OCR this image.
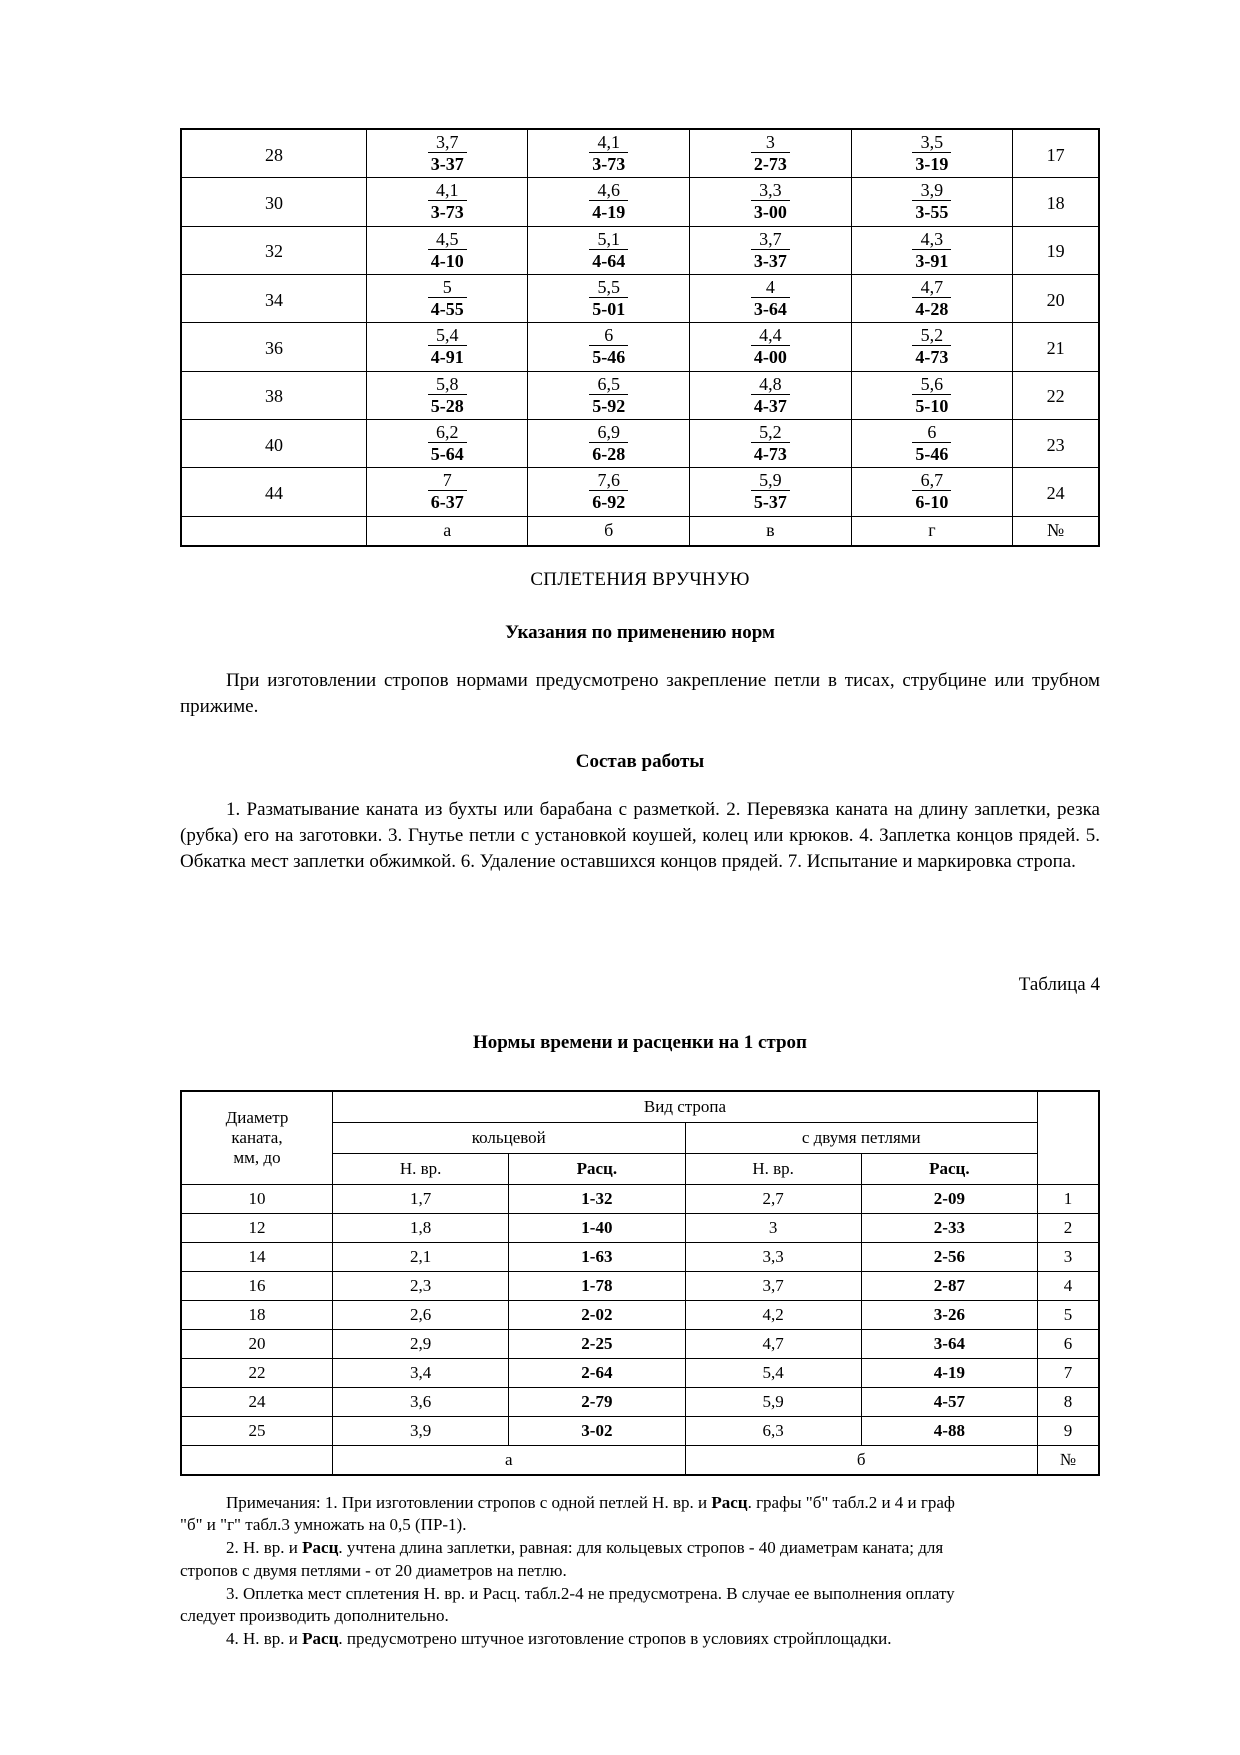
28	$\frac{3,7}{3-37}$	$\frac{4,1}{3-73}$	$\frac{3}{2-73}$	$\frac{3,5}{3-19}$	17
30	$\frac{4,1}{3-73}$	$\frac{4,6}{4-19}$	$\frac{3,3}{3-00}$	$\frac{3,9}{3-55}$	18
32	$\frac{4,5}{4-10}$	$\frac{5,1}{4-64}$	$\frac{3,7}{3-37}$	$\frac{4,3}{3-91}$	19
34	$\frac{5}{4-55}$	$\frac{5,5}{5-01}$	$\frac{4}{3-64}$	$\frac{4,7}{4-28}$	20
36	$\frac{5,4}{4-91}$	$\frac{6}{5-46}$	$\frac{4,4}{4-00}$	$\frac{5,2}{4-73}$	21
38	$\frac{5,8}{5-28}$	$\frac{6,5}{5-92}$	$\frac{4,8}{4-37}$	$\frac{5,6}{5-10}$	22
40	$\frac{6,2}{5-64}$	$\frac{6,9}{6-28}$	$\frac{5,2}{4-73}$	$\frac{6}{5-46}$	23
44	$\frac{7}{6-37}$	$\frac{7,6}{6-92}$	$\frac{5,9}{5-37}$	$\frac{6,7}{6-10}$	24
	а	б	в	г	№

СПЛЕТЕНИЯ ВРУЧНУЮ

Указания по применению норм

При изготовлении стропов нормами предусмотрено закрепление петли в тисах, струбцине или трубном прижиме.

Состав работы

1. Разматывание каната из бухты или барабана с разметкой. 2. Перевязка каната на длину заплетки, резка (рубка) его на заготовки. 3. Гнутье петли с установкой коушей, колец или крюков. 4. Заплетка концов прядей. 5. Обкатка мест заплетки обжимкой. 6. Удаление оставшихся концов прядей. 7. Испытание и маркировка стропа.

Таблица 4

Нормы времени и расценки на 1 строп

Диаметр
каната,
мм, до	Вид стропа				
	кольцевой		с двумя петлями		
	Н. вр.	Расц.	Н. вр.	Расц.	
10	1,7	1-32	2,7	2-09	1
12	1,8	1-40	3	2-33	2
14	2,1	1-63	3,3	2-56	3
16	2,3	1-78	3,7	2-87	4
18	2,6	2-02	4,2	3-26	5
20	2,9	2-25	4,7	3-64	6
22	3,4	2-64	5,4	4-19	7
24	3,6	2-79	5,9	4-57	8
25	3,9	3-02	6,3	4-88	9
	а		б		№

Примечания: 1. При изготовлении стропов с одной петлей Н. вр. и Расц. графы "б" табл.2 и 4 и граф

"б" и "г" табл.3 умножать на 0,5 (ПР-1).

2. Н. вр. и Расц. учтена длина заплетки, равная: для кольцевых стропов - 40 диаметрам каната; для

стропов с двумя петлями - от 20 диаметров на петлю.

3. Оплетка мест сплетения Н. вр. и Расц. табл.2-4 не предусмотрена. В случае ее выполнения оплату

следует производить дополнительно.

4. Н. вр. и Расц. предусмотрено штучное изготовление стропов в условиях стройплощадки.
